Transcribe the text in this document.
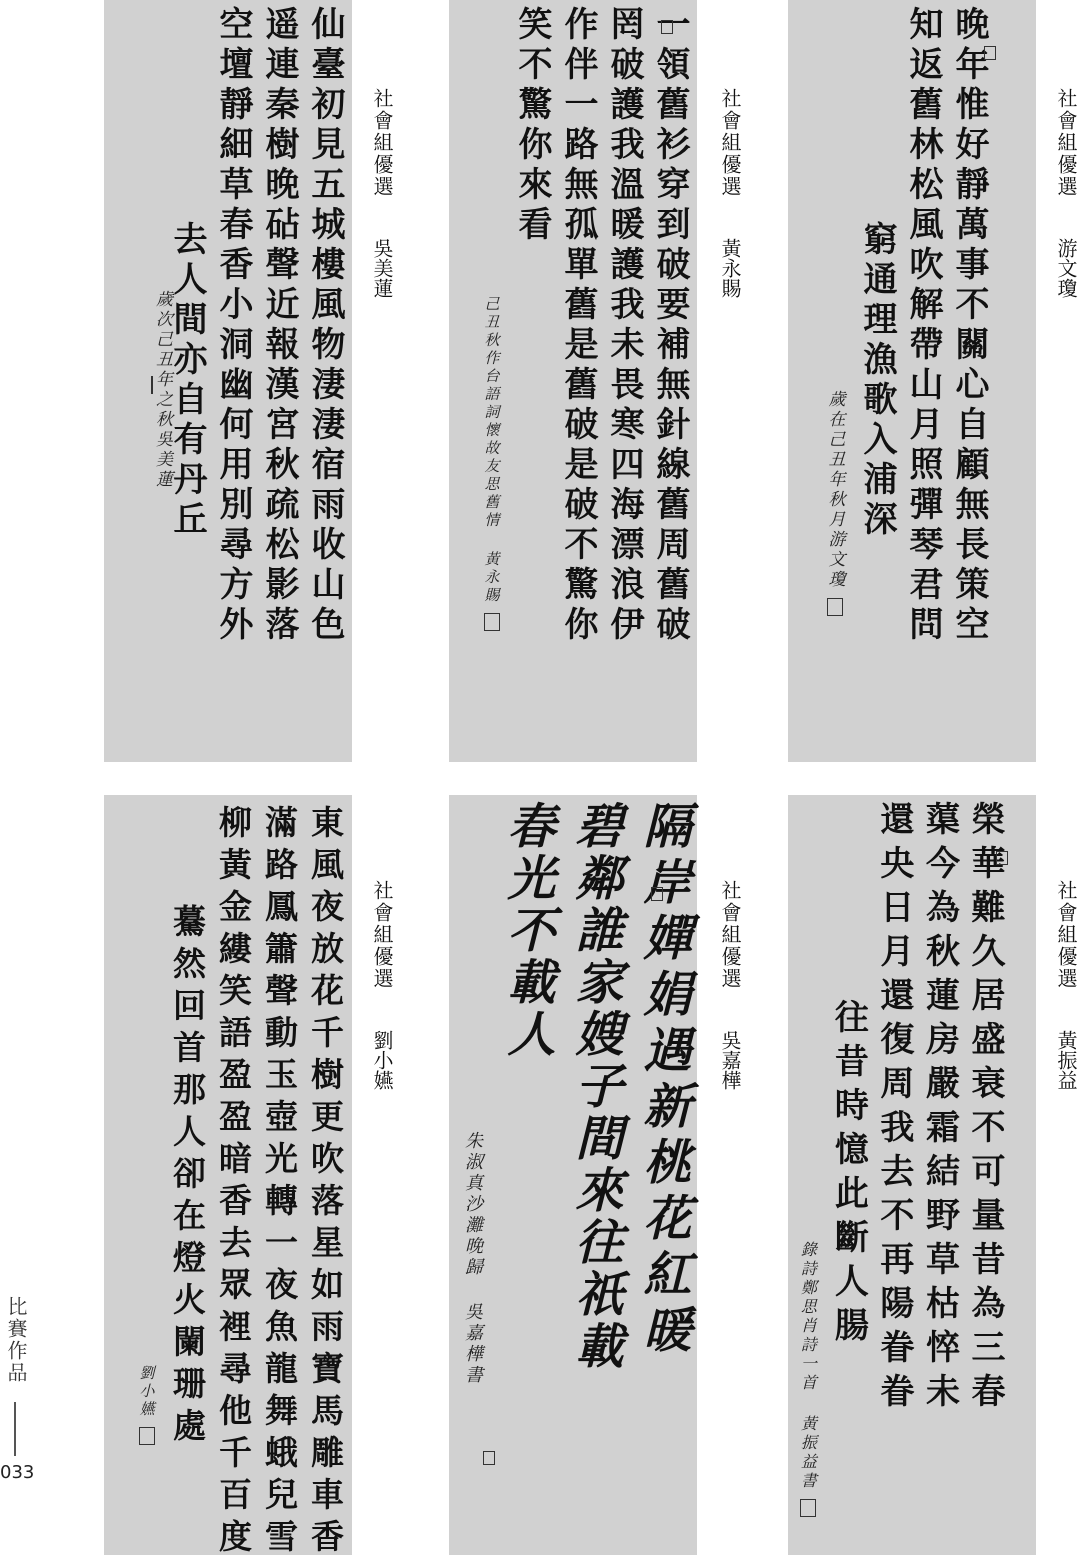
仙臺初見五城樓風物淒淒宿雨收山色
遥連秦樹晚砧聲近報漢宮秋疏松影落
空壇靜細草春香小洞幽何用別尋方外
去人間亦自有丹丘
歲次己丑年之秋吳美蓮
社會組優選吳美蓮	一領舊衫穿到破要補無針線舊周舊破
罔破護我溫暖護我未畏寒四海漂浪伊
作伴一路無孤單舊是舊破是破不驚你
笑不驚你來看
己丑秋作台語詞懷故友思舊情 黃永賜
社會組優選黃永賜	晚年惟好靜萬事不關心自顧無長策空
知返舊林松風吹解帶山月照彈琴君問
窮通理漁歌入浦深
歲在己丑年秋月游文瓊
社會組優選游文瓊
東風夜放花千樹更吹落星如雨寶馬雕車香
滿路鳳簫聲動玉壺光轉一夜魚龍舞蛾兒雪
柳黃金縷笑語盈盈暗香去眾裡尋他千百度
驀然回首那人卻在燈火闌珊處
劉小嬿
社會組優選劉小嬿	隔岸嬋娟遇新桃花紅暖
碧鄰誰家嫂子間來往祇載
春光不載人
朱淑真沙灘晚歸 吳嘉樺書
社會組優選吳嘉樺	榮華難久居盛衰不可量昔為三春
蕖今為秋蓮房嚴霜結野草枯悴未
還央日月還復周我去不再陽眷眷
往昔時憶此斷人腸
錄詩鄭思肖詩一首 黃振益書
社會組優選黃振益
比賽作品
033
